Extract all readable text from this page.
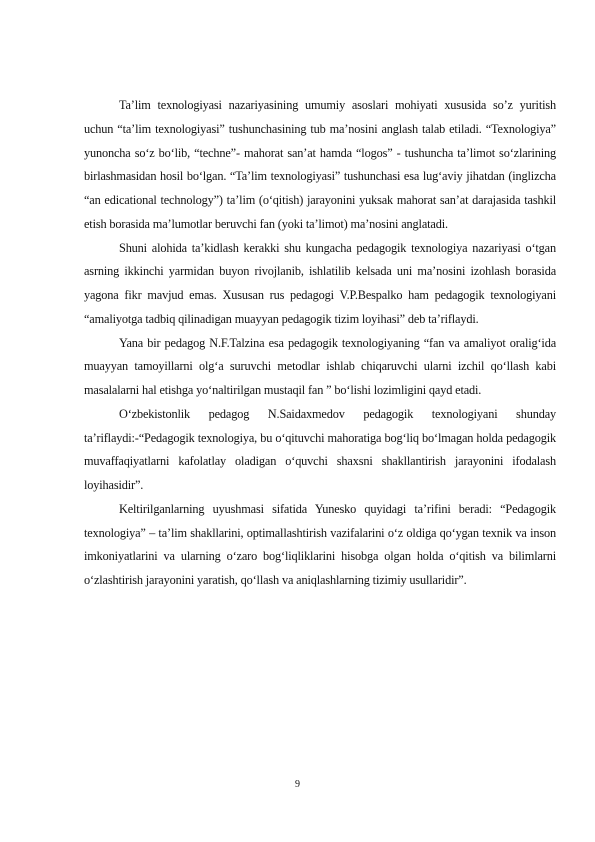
Ta’lim texnologiyasi nazariyasining umumiy asoslari mohiyati xususida so’z yuritish uchun “ta’lim texnologiyasi” tushunchasining tub ma’nosini anglash talab etiladi. “Texnologiya” yunoncha so‘z bo‘lib, “techne”- mahorat san’at hamda “logos” - tushuncha ta’limot so‘zlarining birlashmasidan hosil bo‘lgan. “Ta’lim texnologiyasi” tushunchasi esa lug‘aviy jihatdan (inglizcha “an edicational technology”) ta’lim (o‘qitish) jarayonini yuksak mahorat san’at darajasida tashkil etish borasida ma’lumotlar beruvchi fan (yoki ta’limot) ma’nosini anglatadi.

Shuni alohida ta’kidlash kerakki shu kungacha pedagogik texnologiya nazariyasi o‘tgan asrning ikkinchi yarmidan buyon rivojlanib, ishlatilib kelsada uni ma’nosini izohlash borasida yagona fikr mavjud emas. Xususan rus pedagogi V.P.Bespalko ham pedagogik texnologiyani “amaliyotga tadbiq qilinadigan muayyan pedagogik tizim loyihasi” deb ta’riflaydi.

Yana bir pedagog N.F.Talzina esa pedagogik texnologiyaning “fan va amaliyot oralig‘ida muayyan tamoyillarni olg‘a suruvchi metodlar ishlab chiqaruvchi ularni izchil qo‘llash kabi masalalarni hal etishga yo‘naltirilgan mustaqil fan ” bo‘lishi lozimligini qayd etadi.

O‘zbekistonlik pedagog N.Saidaxmedov pedagogik texnologiyani shunday ta’riflaydi:-“Pedagogik texnologiya, bu o‘qituvchi mahoratiga bog‘liq bo‘lmagan holda pedagogik muvaffaqiyatlarni kafolatlay oladigan o‘quvchi shaxsni shakllantirish jarayonini ifodalash loyihasidir”.

Keltirilganlarning uyushmasi sifatida Yunesko quyidagi ta’rifini beradi: “Pedagogik texnologiya” – ta’lim shakllarini, optimallashtirish vazifalarini o‘z oldiga qo‘ygan texnik va inson imkoniyatlarini va ularning o‘zaro bog‘liqliklarini hisobga olgan holda o‘qitish va bilimlarni o‘zlashtirish jarayonini yaratish, qo‘llash va aniqlashlarning tizimiy usullaridir”.

9
